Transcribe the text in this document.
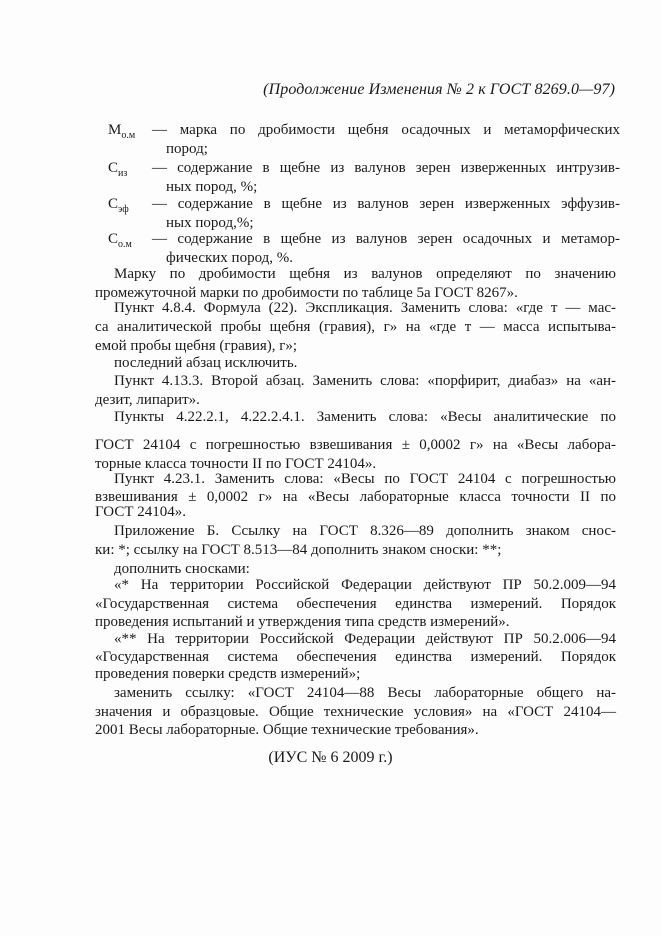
(Продолжение Изменения № 2 к ГОСТ 8269.0—97)
$М_{о.м}$	— марка по дробимости щебня осадочных и метаморфических
пород;
$С_{из}$	— содержание в щебне из валунов зерен изверженных интрузив-
ных пород, %;
$С_{эф}$	— содержание в щебне из валунов зерен изверженных эффузив-
ных пород,%;
$С_{о.м}$	— содержание в щебне из валунов зерен осадочных и метамор-
фических пород, %.
Марку по дробимости щебня из валунов определяют по значению
промежуточной марки по дробимости по таблице 5а ГОСТ 8267».
Пункт 4.8.4. Формула (22). Экспликация. Заменить слова: «где т — мас-
са аналитической пробы щебня (гравия), г» на «где т — масса испытыва-
емой пробы щебня (гравия), г»;
последний абзац исключить.
Пункт 4.13.3. Второй абзац. Заменить слова: «порфирит, диабаз» на «ан-
дезит, липарит».
Пункты 4.22.2.1, 4.22.2.4.1. Заменить слова: «Весы аналитические по
ГОСТ 24104 с погрешностью взвешивания ± 0,0002 г» на «Весы лабора-
торные класса точности II по ГОСТ 24104».
Пункт 4.23.1. Заменить слова: «Весы по ГОСТ 24104 с погрешностью
взвешивания ± 0,0002 г» на «Весы лабораторные класса точности II по
ГОСТ 24104».
Приложение Б. Ссылку на ГОСТ 8.326—89 дополнить знаком снос-
ки: *; ссылку на ГОСТ 8.513—84 дополнить знаком сноски: **;
дополнить сносками:
«* На территории Российской Федерации действуют ПР 50.2.009—94
«Государственная система обеспечения единства измерений. Порядок
проведения испытаний и утверждения типа средств измерений».
«** На территории Российской Федерации действуют ПР 50.2.006—94
«Государственная система обеспечения единства измерений. Порядок
проведения поверки средств измерений»;
заменить ссылку: «ГОСТ 24104—88 Весы лабораторные общего на-
значения и образцовые. Общие технические условия» на «ГОСТ 24104—
2001 Весы лабораторные. Общие технические требования».
(ИУС № 6 2009 г.)
